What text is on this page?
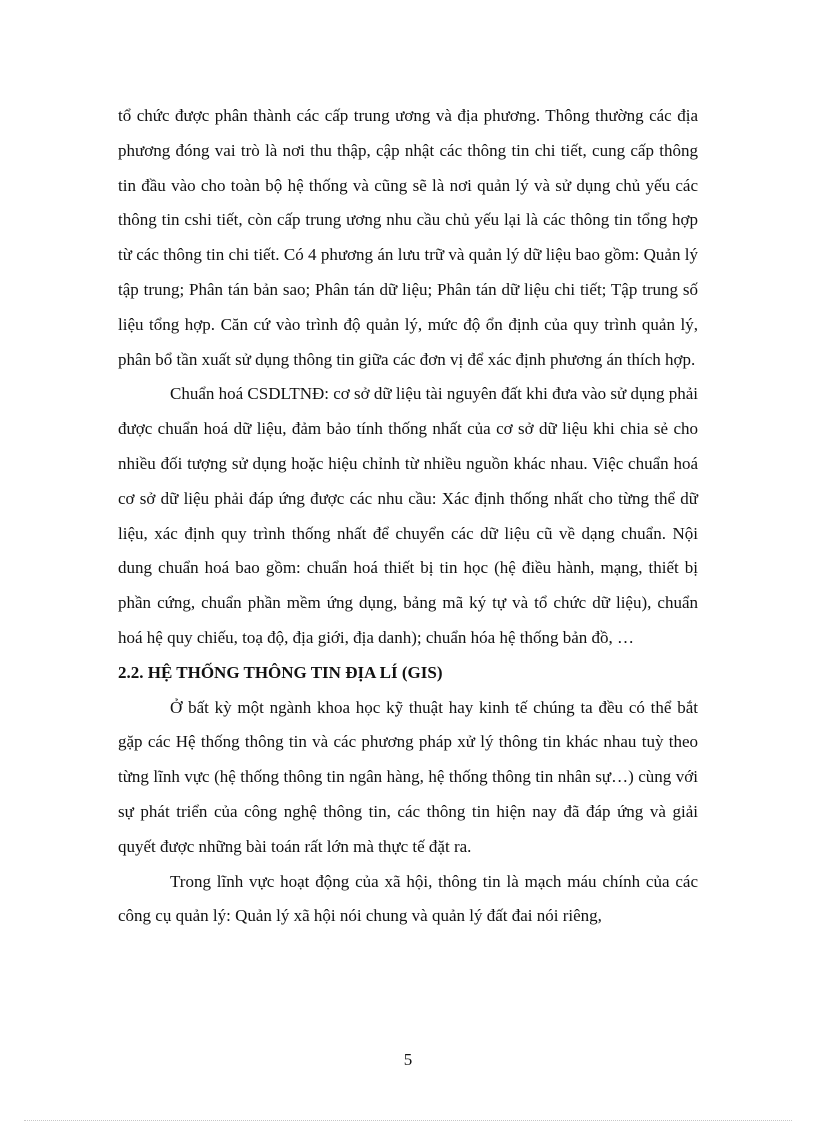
tổ chức được phân thành các cấp trung ương và địa phương. Thông thường các địa phương đóng vai trò là nơi thu thập, cập nhật các thông tin chi tiết, cung cấp thông tin đầu vào cho toàn bộ hệ thống và cũng sẽ là nơi quản lý và sử dụng chủ yếu các thông tin cshi tiết, còn cấp trung ương nhu cầu chủ yếu lại là các thông tin tổng hợp từ các thông tin chi tiết. Có 4 phương án lưu trữ và quản lý dữ liệu bao gồm: Quản lý tập trung; Phân tán bản sao; Phân tán dữ liệu; Phân tán dữ liệu chi tiết; Tập trung số liệu tổng hợp. Căn cứ vào trình độ quản lý, mức độ ổn định của quy trình quản lý, phân bổ tần xuất sử dụng thông tin giữa các đơn vị để xác định phương án thích hợp.

Chuẩn hoá CSDLTNĐ: cơ sở dữ liệu tài nguyên đất khi đưa vào sử dụng phải được chuẩn hoá dữ liệu, đảm bảo tính thống nhất của cơ sở dữ liệu khi chia sẻ cho nhiều đối tượng sử dụng hoặc hiệu chỉnh từ nhiều nguồn khác nhau. Việc chuẩn hoá cơ sở dữ liệu phải đáp ứng được các nhu cầu: Xác định thống nhất cho từng thể dữ liệu, xác định quy trình thống nhất để chuyển các dữ liệu cũ về dạng chuẩn. Nội dung chuẩn hoá bao gồm: chuẩn hoá thiết bị tin học (hệ điều hành, mạng, thiết bị phần cứng, chuẩn phần mềm ứng dụng, bảng mã ký tự và tổ chức dữ liệu), chuẩn hoá hệ quy chiếu, toạ độ, địa giới, địa danh); chuẩn hóa hệ thống bản đồ, …

2.2. HỆ THỐNG THÔNG TIN ĐỊA LÍ (GIS)

Ở bất kỳ một ngành khoa học kỹ thuật hay kinh tế chúng ta đều có thể bắt gặp các Hệ thống thông tin và các phương pháp xử lý thông tin khác nhau tuỳ theo từng lĩnh vực (hệ thống thông tin ngân hàng, hệ thống thông tin nhân sự…) cùng với sự phát triển của công nghệ thông tin, các thông tin hiện nay đã đáp ứng và giải quyết được những bài toán rất lớn mà thực tế đặt ra.

Trong lĩnh vực hoạt động của xã hội, thông tin là mạch máu chính của các công cụ quản lý: Quản lý xã hội nói chung và quản lý đất đai nói riêng,

5
